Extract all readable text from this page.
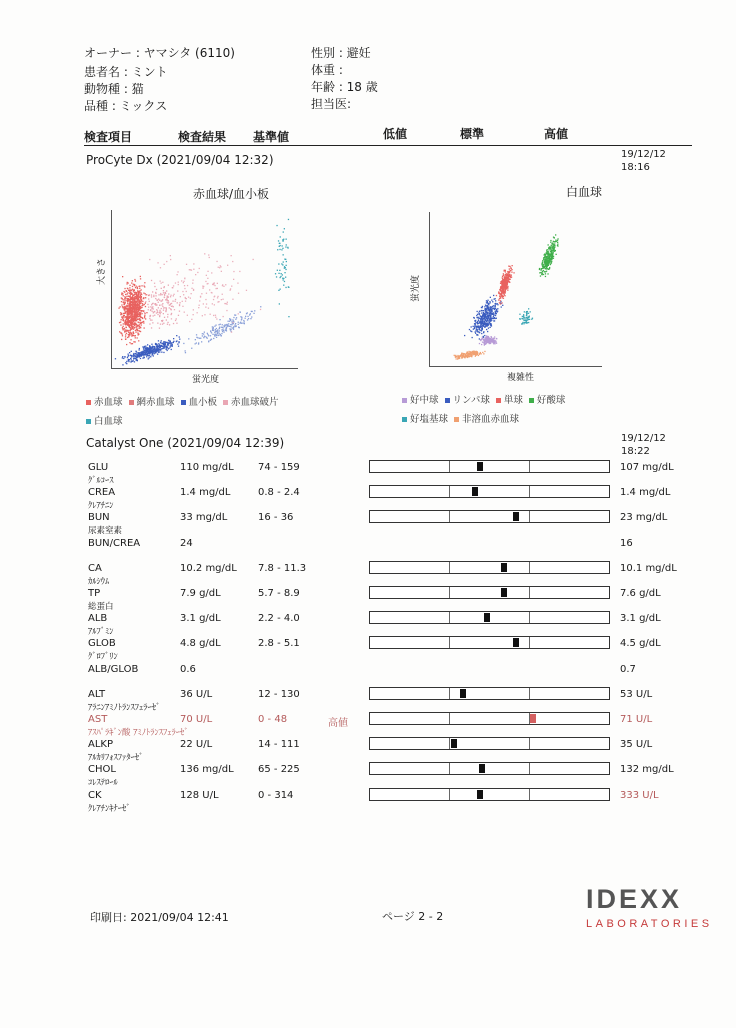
オーナー : ヤマシタ (6110)
患者名 : ミント
動物種 : 猫
品種 : ミックス
性別 : 避妊
体重 :
年齢 : 18 歳
担当医:
検査項目	検査結果 基準値	低値	標準	高値
ProCyte Dx (2021/09/04 12:32)	19/12/12
18:16
赤血球/血小板	白血球
大きさ
蛍光度
蛍光度
複雑性
赤血球 網赤血球 血小板 赤血球破片白血球
好中球 リンパ球 単球 好酸球好塩基球 非溶血赤血球
Catalyst One (2021/09/04 12:39)	19/12/12
18:22
GLU
ｸﾞﾙｺｰｽ
110 mg/dL 74 - 159	107 mg/dL
CREA
ｸﾚｱﾁﾆﾝ
1.4 mg/dL	0.8 - 2.4	1.4 mg/dL
BUN
尿素窒素
33 mg/dL	16 - 36	23 mg/dL
BUN/CREA	24	16
CA
ｶﾙｼｳﾑ
10.2 mg/dL 7.8 - 11.3	10.1 mg/dL
TP
総蛋白
7.9 g/dL	5.7 - 8.9	7.6 g/dL
ALB
ｱﾙﾌﾞﾐﾝ
3.1 g/dL	2.2 - 4.0	3.1 g/dL
GLOB
ｸﾞﾛﾌﾞﾘﾝ
4.8 g/dL	2.8 - 5.1	4.5 g/dL
ALB/GLOB	0.6	0.7
ALT
ｱﾗﾆﾝｱﾐﾉﾄﾗﾝｽﾌｪﾗｰｾﾞ
36 U/L	12 - 130	53 U/L
AST
ｱｽﾊﾟﾗｷﾞﾝ酸 ｱﾐﾉﾄﾗﾝｽﾌｪﾗｰｾﾞ
70 U/L	0 - 48	高値	71 U/L
ALKP
ｱﾙｶﾘﾌｫｽﾌｧﾀｰｾﾞ
22 U/L	14 - 111	35 U/L
CHOL
ｺﾚｽﾃﾛｰﾙ
136 mg/dL 65 - 225	132 mg/dL
CK
ｸﾚｱﾁﾝｷﾅｰｾﾞ
128 U/L	0 - 314	333 U/L
印刷日: 2021/09/04 12:41	ページ 2 - 2
IDEXX
LABORATORIES
